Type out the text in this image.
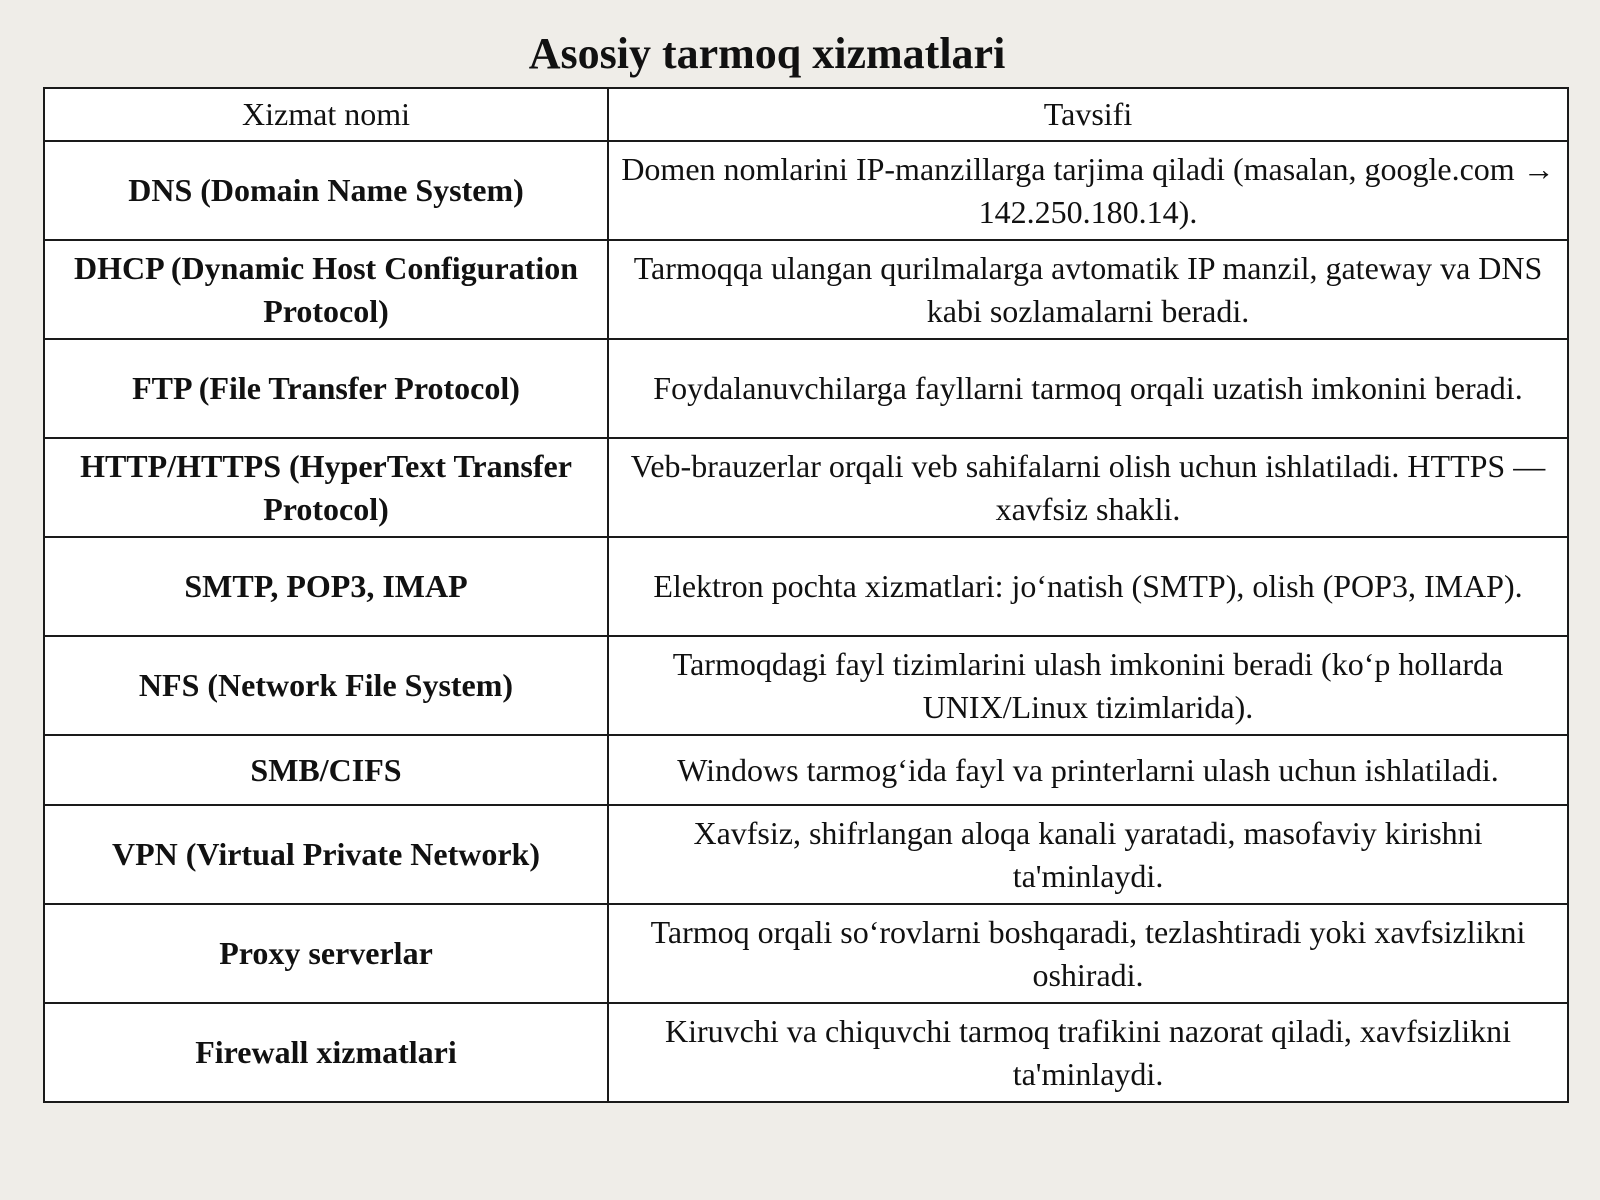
Asosiy tarmoq xizmatlari
Xizmat nomi	Tavsifi
DNS (Domain Name System)	Domen nomlarini IP-manzillarga tarjima qiladi (masalan, google.com → 142.250.180.14).
DHCP (Dynamic Host Configuration Protocol)	Tarmoqqa ulangan qurilmalarga avtomatik IP manzil, gateway va DNS kabi sozlamalarni beradi.
FTP (File Transfer Protocol)	Foydalanuvchilarga fayllarni tarmoq orqali uzatish imkonini beradi.
HTTP/HTTPS (HyperText Transfer Protocol)	Veb-brauzerlar orqali veb sahifalarni olish uchun ishlatiladi. HTTPS — xavfsiz shakli.
SMTP, POP3, IMAP	Elektron pochta xizmatlari: joʻnatish (SMTP), olish (POP3, IMAP).
NFS (Network File System)	Tarmoqdagi fayl tizimlarini ulash imkonini beradi (koʻp hollarda UNIX/Linux tizimlarida).
SMB/CIFS	Windows tarmogʻida fayl va printerlarni ulash uchun ishlatiladi.
VPN (Virtual Private Network)	Xavfsiz, shifrlangan aloqa kanali yaratadi, masofaviy kirishni ta'minlaydi.
Proxy serverlar	Tarmoq orqali soʻrovlarni boshqaradi, tezlashtiradi yoki xavfsizlikni oshiradi.
Firewall xizmatlari	Kiruvchi va chiquvchi tarmoq trafikini nazorat qiladi, xavfsizlikni ta'minlaydi.
